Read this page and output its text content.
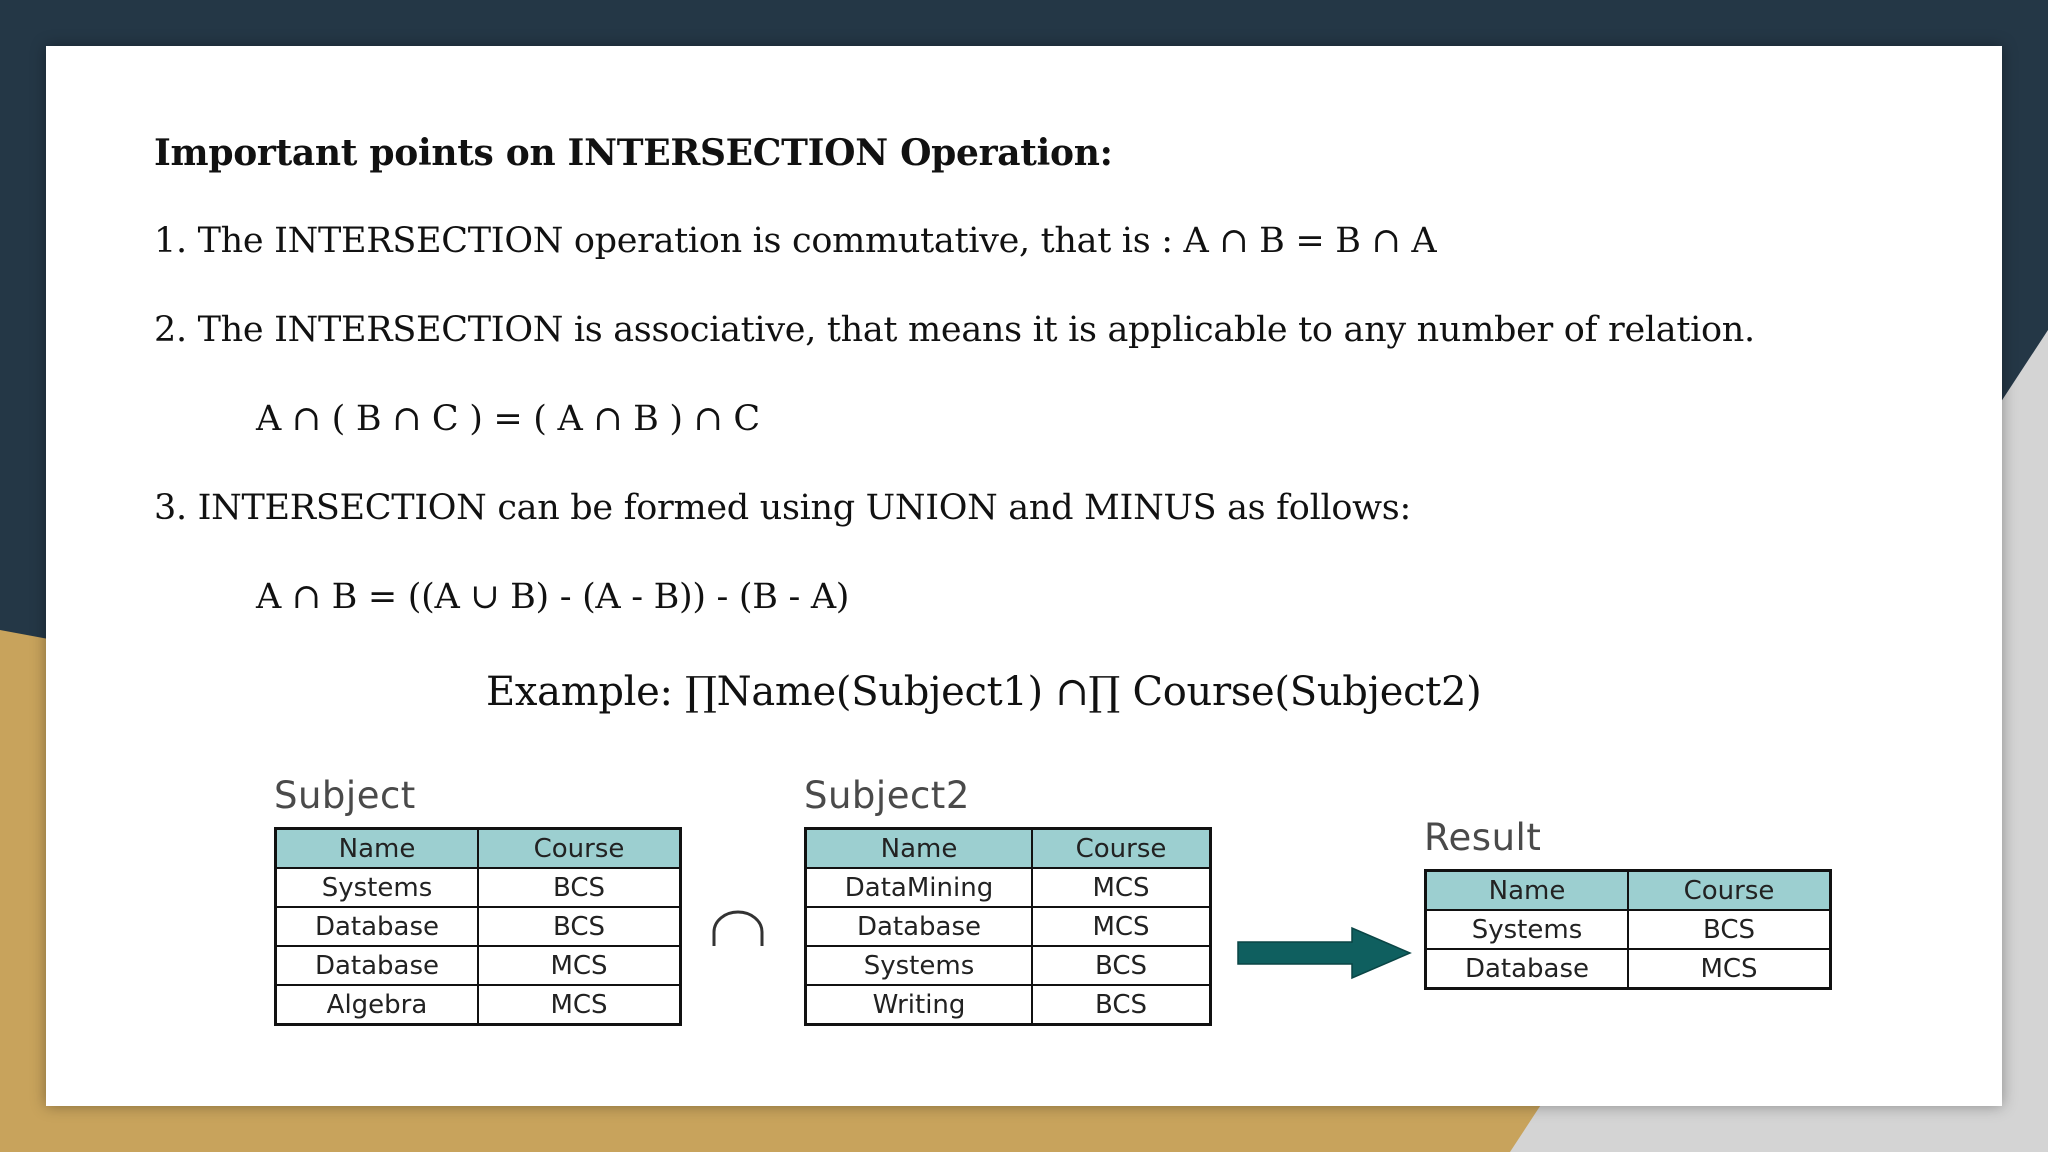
Important points on INTERSECTION Operation:
1. The INTERSECTION operation is commutative, that is : A ∩ B = B ∩ A
2. The INTERSECTION is associative, that means it is applicable to any number of relation.
A ∩ ( B ∩ C ) = ( A ∩ B ) ∩ C
3. INTERSECTION can be formed using UNION and MINUS as follows:
A ∩ B = ((A ∪ B) - (A - B)) - (B - A)
Example: ∏Name(Subject1) ∩∏ Course(Subject2)
Subject
Name	Course
Systems	BCS
Database	BCS
Database	MCS
Algebra	MCS
Subject2
Name	Course
DataMining	MCS
Database	MCS
Systems	BCS
Writing	BCS
Result
Name	Course
Systems	BCS
Database	MCS
